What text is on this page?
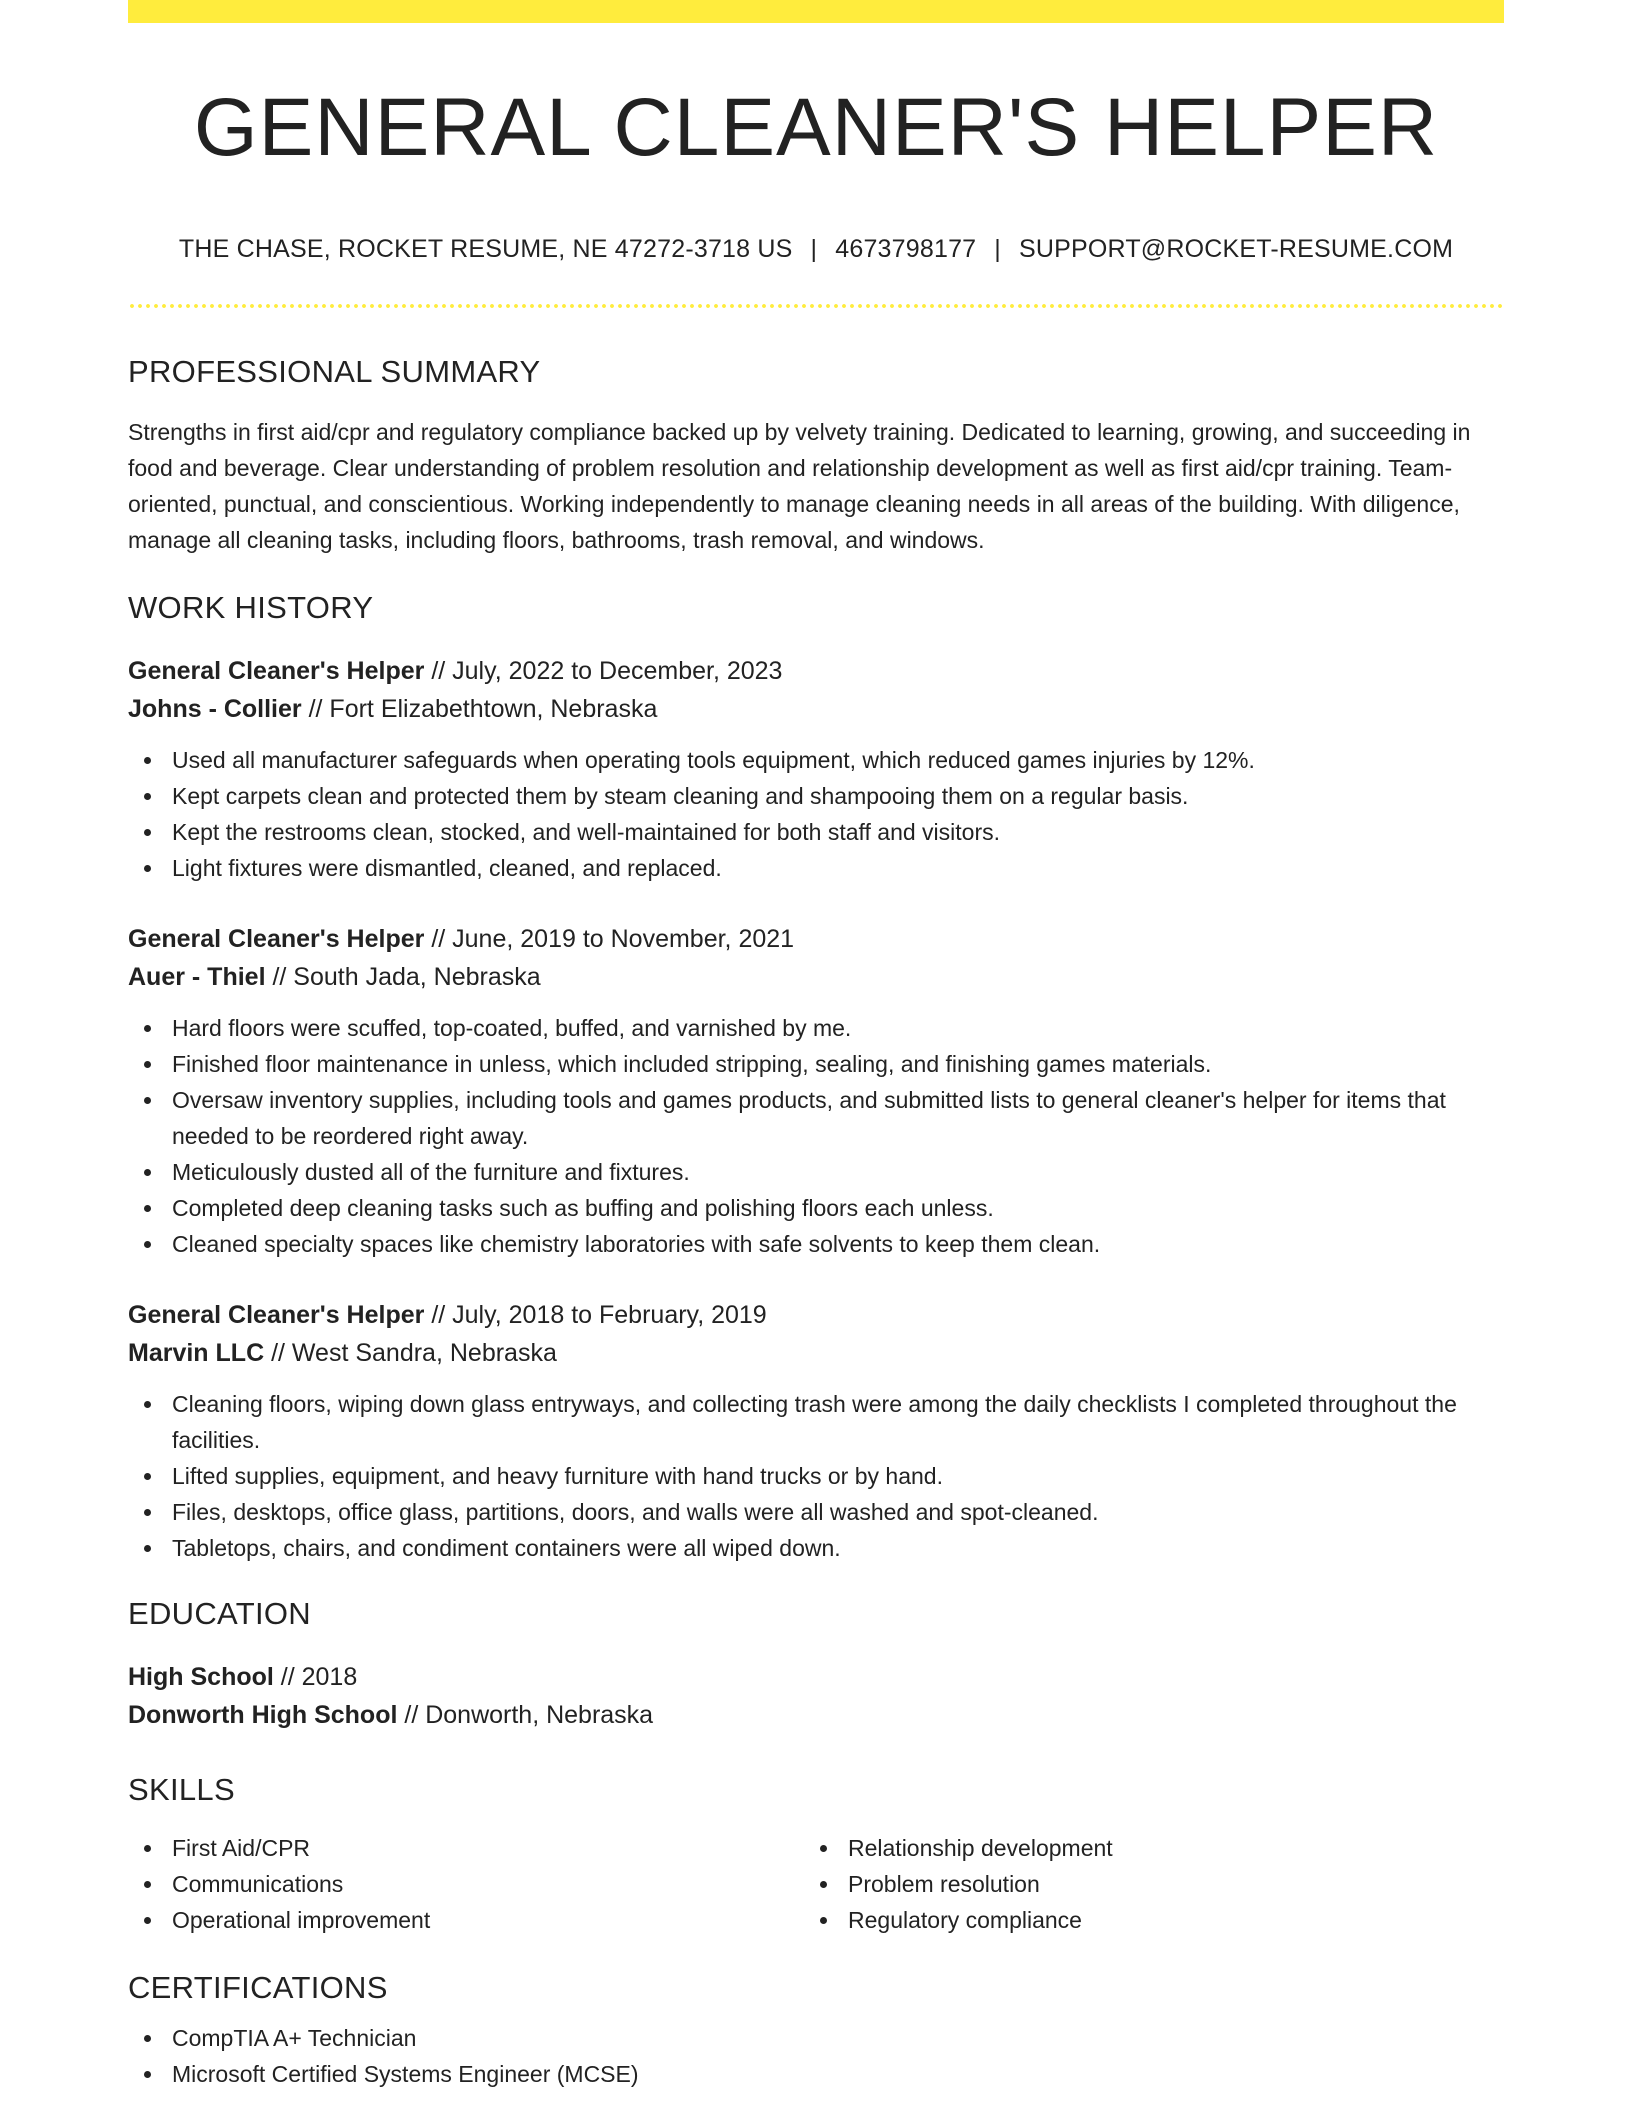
GENERAL CLEANER'S HELPER
THE CHASE, ROCKET RESUME, NE 47272-3718 US | 4673798177 | SUPPORT@ROCKET-RESUME.COM
PROFESSIONAL SUMMARY

Strengths in first aid/cpr and regulatory compliance backed up by velvety training. Dedicated to learning, growing, and succeeding in food and beverage. Clear understanding of problem resolution and relationship development as well as first aid/cpr training. Team-oriented, punctual, and conscientious. Working independently to manage cleaning needs in all areas of the building. With diligence, manage all cleaning tasks, including floors, bathrooms, trash removal, and windows.

WORK HISTORY
General Cleaner's Helper // July, 2022 to December, 2023
Johns - Collier // Fort Elizabethtown, Nebraska
Used all manufacturer safeguards when operating tools equipment, which reduced games injuries by 12%.
Kept carpets clean and protected them by steam cleaning and shampooing them on a regular basis.
Kept the restrooms clean, stocked, and well-maintained for both staff and visitors.
Light fixtures were dismantled, cleaned, and replaced.
General Cleaner's Helper // June, 2019 to November, 2021
Auer - Thiel // South Jada, Nebraska
Hard floors were scuffed, top-coated, buffed, and varnished by me.
Finished floor maintenance in unless, which included stripping, sealing, and finishing games materials.
Oversaw inventory supplies, including tools and games products, and submitted lists to general cleaner's helper for items that needed to be reordered right away.
Meticulously dusted all of the furniture and fixtures.
Completed deep cleaning tasks such as buffing and polishing floors each unless.
Cleaned specialty spaces like chemistry laboratories with safe solvents to keep them clean.
General Cleaner's Helper // July, 2018 to February, 2019
Marvin LLC // West Sandra, Nebraska
Cleaning floors, wiping down glass entryways, and collecting trash were among the daily checklists I completed throughout the facilities.
Lifted supplies, equipment, and heavy furniture with hand trucks or by hand.
Files, desktops, office glass, partitions, doors, and walls were all washed and spot-cleaned.
Tabletops, chairs, and condiment containers were all wiped down.
EDUCATION
High School // 2018
Donworth High School // Donworth, Nebraska
SKILLS
First Aid/CPR
Communications
Operational improvement
Relationship development
Problem resolution
Regulatory compliance
CERTIFICATIONS
CompTIA A+ Technician
Microsoft Certified Systems Engineer (MCSE)
